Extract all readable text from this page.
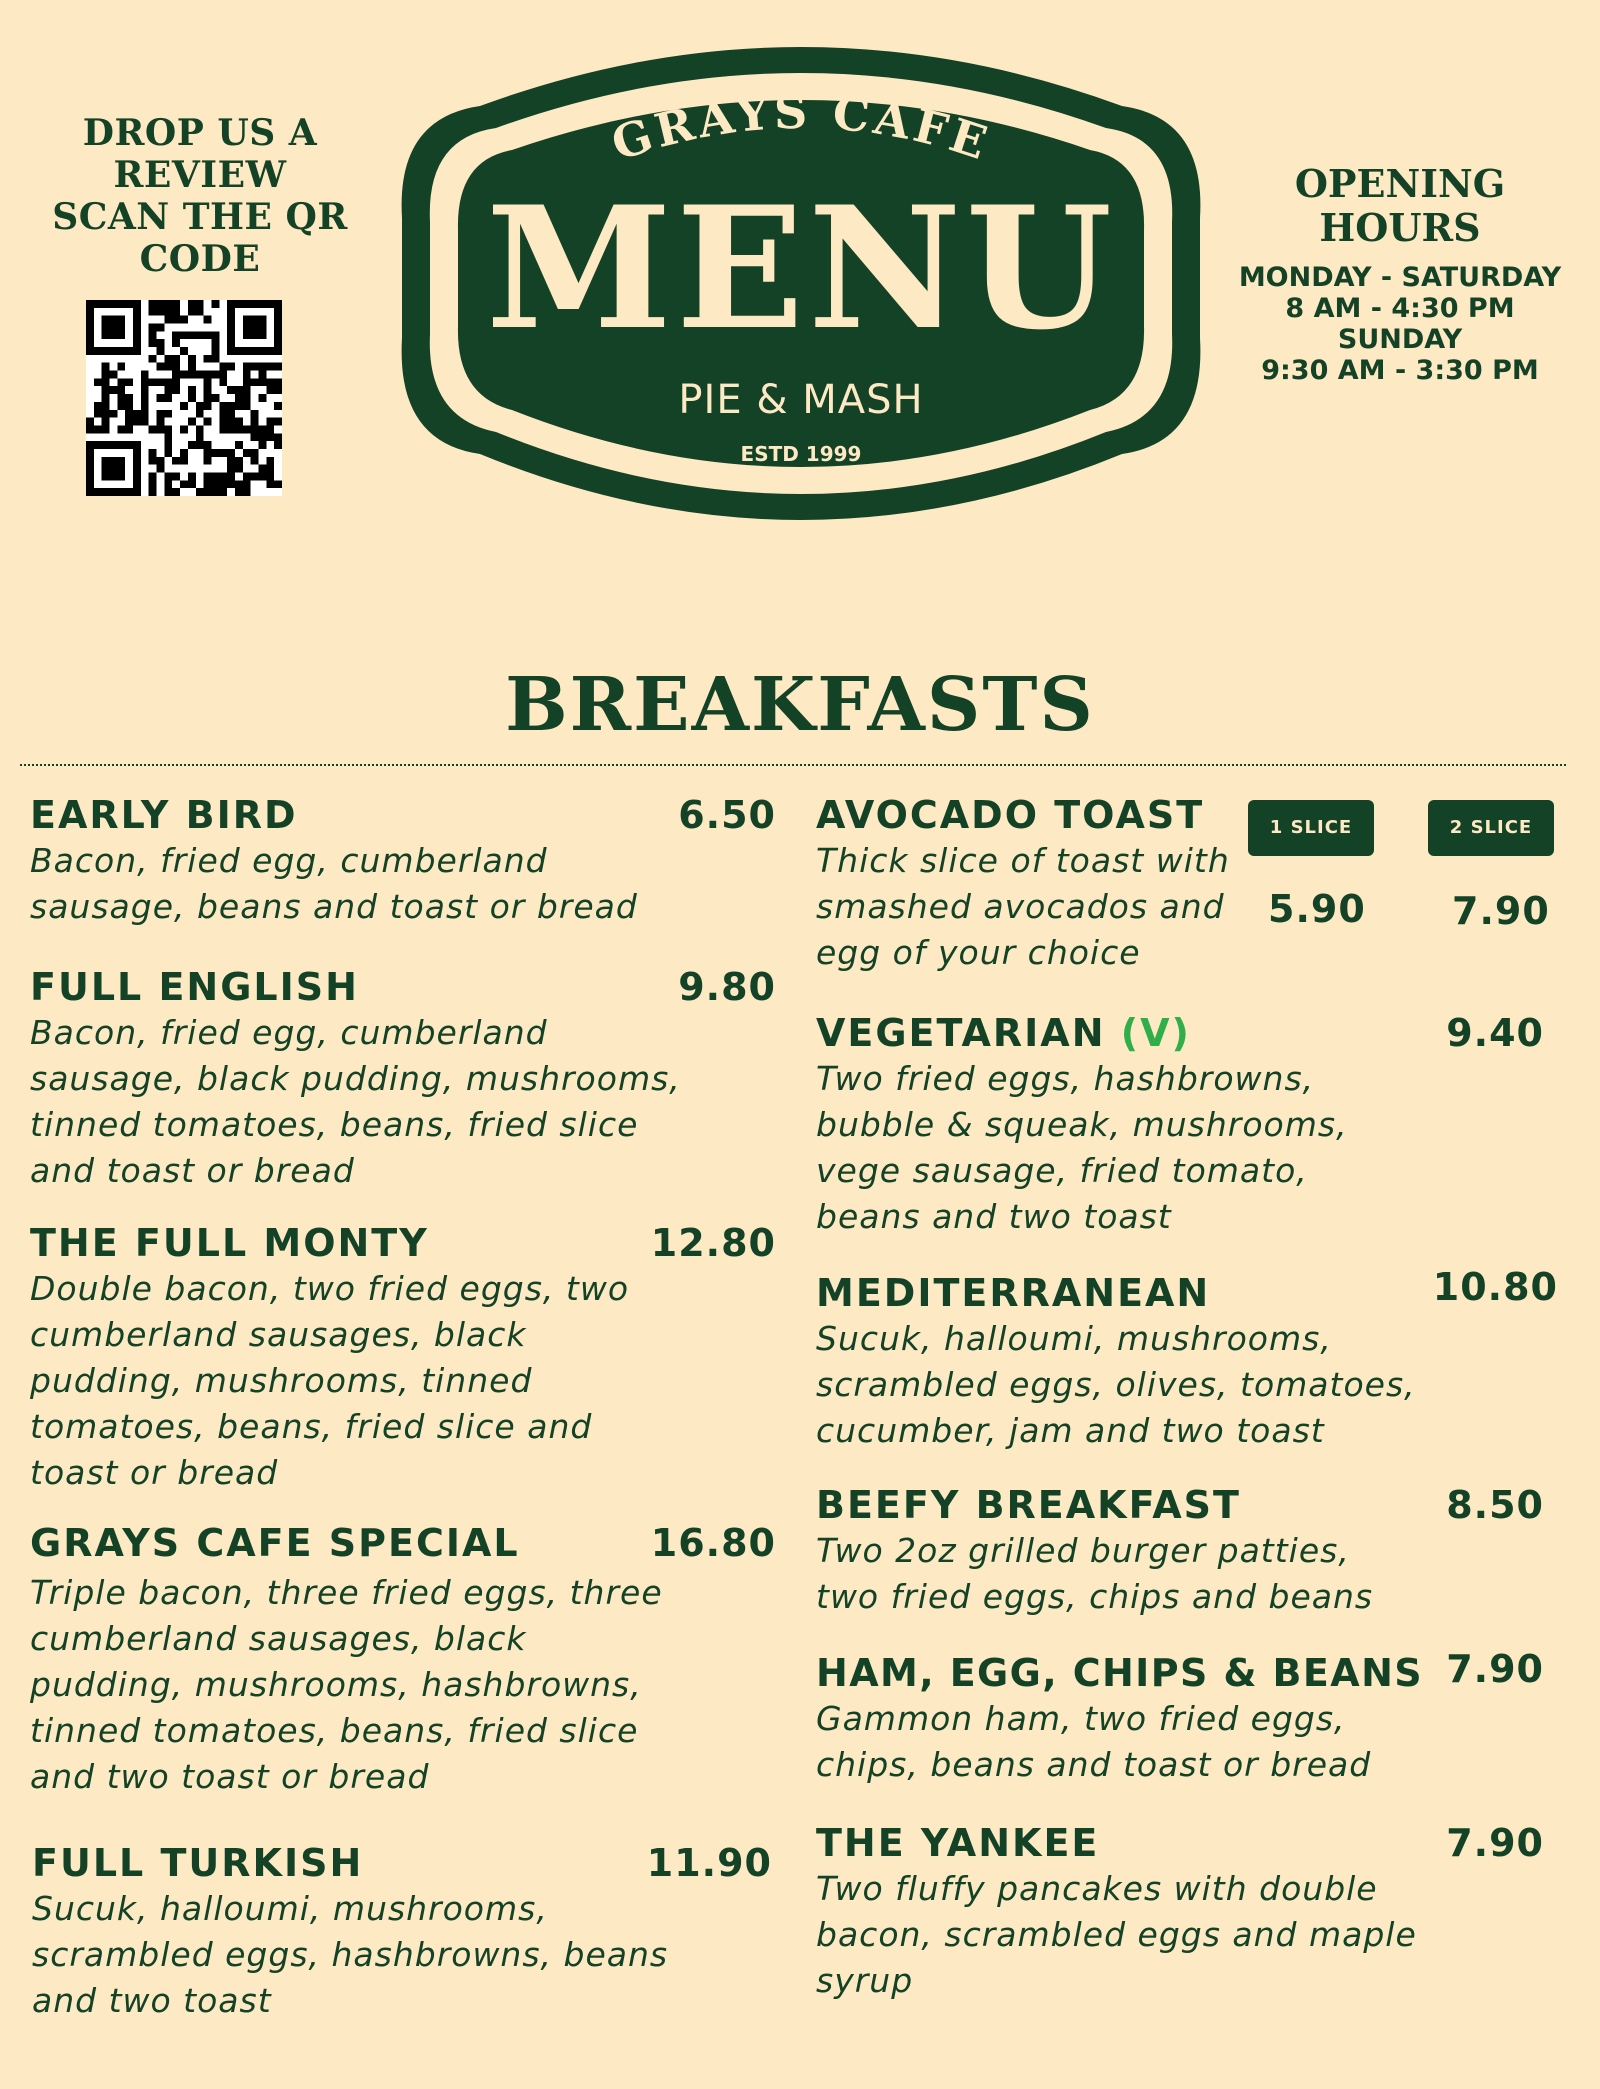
DROP US A
REVIEW
SCAN THE QR
CODE
GRAYS CAFE
MENU
PIE & MASH
ESTD 1999
OPENING
HOURS
MONDAY - SATURDAY
8 AM - 4:30 PM
SUNDAY
9:30 AM - 3:30 PM
BREAKFASTS
EARLY BIRD	6.50
Bacon, fried egg, cumberland
sausage, beans and toast or bread
FULL ENGLISH	9.80
Bacon, fried egg, cumberland
sausage, black pudding, mushrooms,
tinned tomatoes, beans, fried slice
and toast or bread
THE FULL MONTY	12.80
Double bacon, two fried eggs, two
cumberland sausages, black
pudding, mushrooms, tinned
tomatoes, beans, fried slice and
toast or bread
GRAYS CAFE SPECIAL	16.80
Triple bacon, three fried eggs, three
cumberland sausages, black
pudding, mushrooms, hashbrowns,
tinned tomatoes, beans, fried slice
and two toast or bread
FULL TURKISH	11.90
Sucuk, halloumi, mushrooms,
scrambled eggs, hashbrowns, beans
and two toast
AVOCADO TOAST	1 SLICE	2 SLICE
5.90 7.90
Thick slice of toast with
smashed avocados and
egg of your choice
VEGETARIAN (V)	9.40
Two fried eggs, hashbrowns,
bubble & squeak, mushrooms,
vege sausage, fried tomato,
beans and two toast
MEDITERRANEAN	10.80
Sucuk, halloumi, mushrooms,
scrambled eggs, olives, tomatoes,
cucumber, jam and two toast
BEEFY BREAKFAST	8.50
Two 2oz grilled burger patties,
two fried eggs, chips and beans
HAM, EGG, CHIPS & BEANS 7.90
Gammon ham, two fried eggs,
chips, beans and toast or bread
THE YANKEE	7.90
Two fluffy pancakes with double
bacon, scrambled eggs and maple
syrup
